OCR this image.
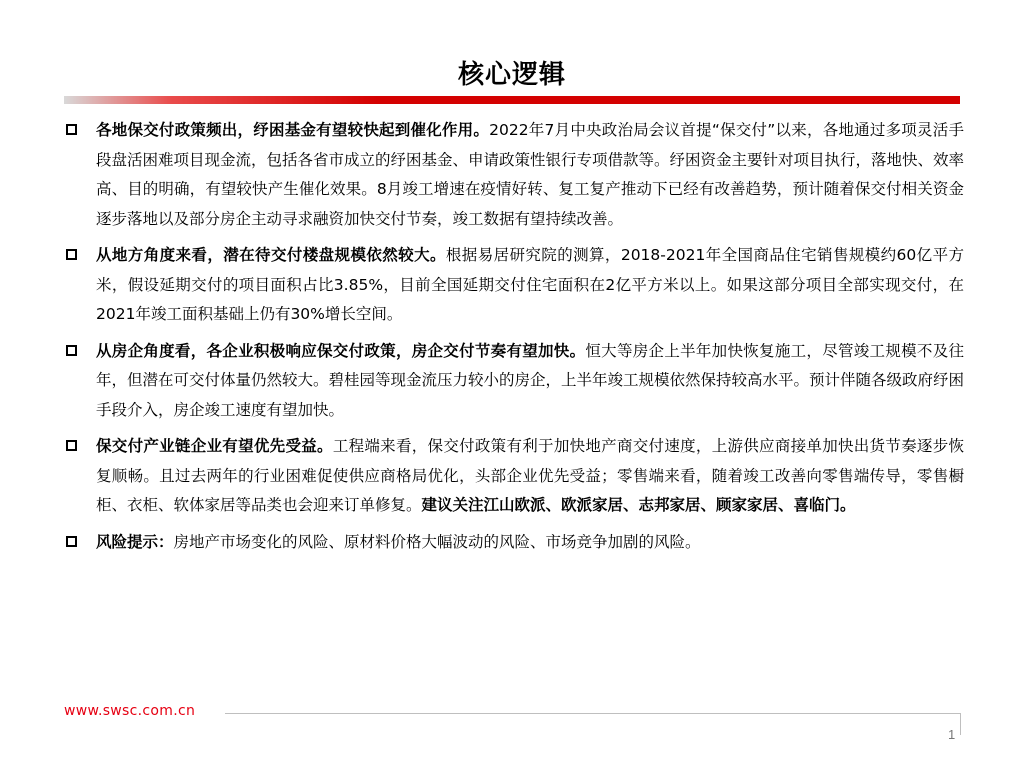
核心逻辑
各地保交付政策频出，纾困基金有望较快起到催化作用。2022年7月中央政治局会议首提“保交付”以来，各地通过多项灵活手段盘活困难项目现金流，包括各省市成立的纾困基金、申请政策性银行专项借款等。纾困资金主要针对项目执行，落地快、效率高、目的明确，有望较快产生催化效果。8月竣工增速在疫情好转、复工复产推动下已经有改善趋势，预计随着保交付相关资金逐步落地以及部分房企主动寻求融资加快交付节奏，竣工数据有望持续改善。
从地方角度来看，潜在待交付楼盘规模依然较大。根据易居研究院的测算，2018-2021年全国商品住宅销售规模约60亿平方米，假设延期交付的项目面积占比3.85%，目前全国延期交付住宅面积在2亿平方米以上。如果这部分项目全部实现交付，在2021年竣工面积基础上仍有30%增长空间。
从房企角度看，各企业积极响应保交付政策，房企交付节奏有望加快。恒大等房企上半年加快恢复施工，尽管竣工规模不及往年，但潜在可交付体量仍然较大。碧桂园等现金流压力较小的房企，上半年竣工规模依然保持较高水平。预计伴随各级政府纾困手段介入，房企竣工速度有望加快。
保交付产业链企业有望优先受益。工程端来看，保交付政策有利于加快地产商交付速度，上游供应商接单加快出货节奏逐步恢复顺畅。且过去两年的行业困难促使供应商格局优化，头部企业优先受益；零售端来看，随着竣工改善向零售端传导，零售橱柜、衣柜、软体家居等品类也会迎来订单修复。建议关注江山欧派、欧派家居、志邦家居、顾家家居、喜临门。
风险提示：房地产市场变化的风险、原材料价格大幅波动的风险、市场竞争加剧的风险。
www.swsc.com.cn
1
